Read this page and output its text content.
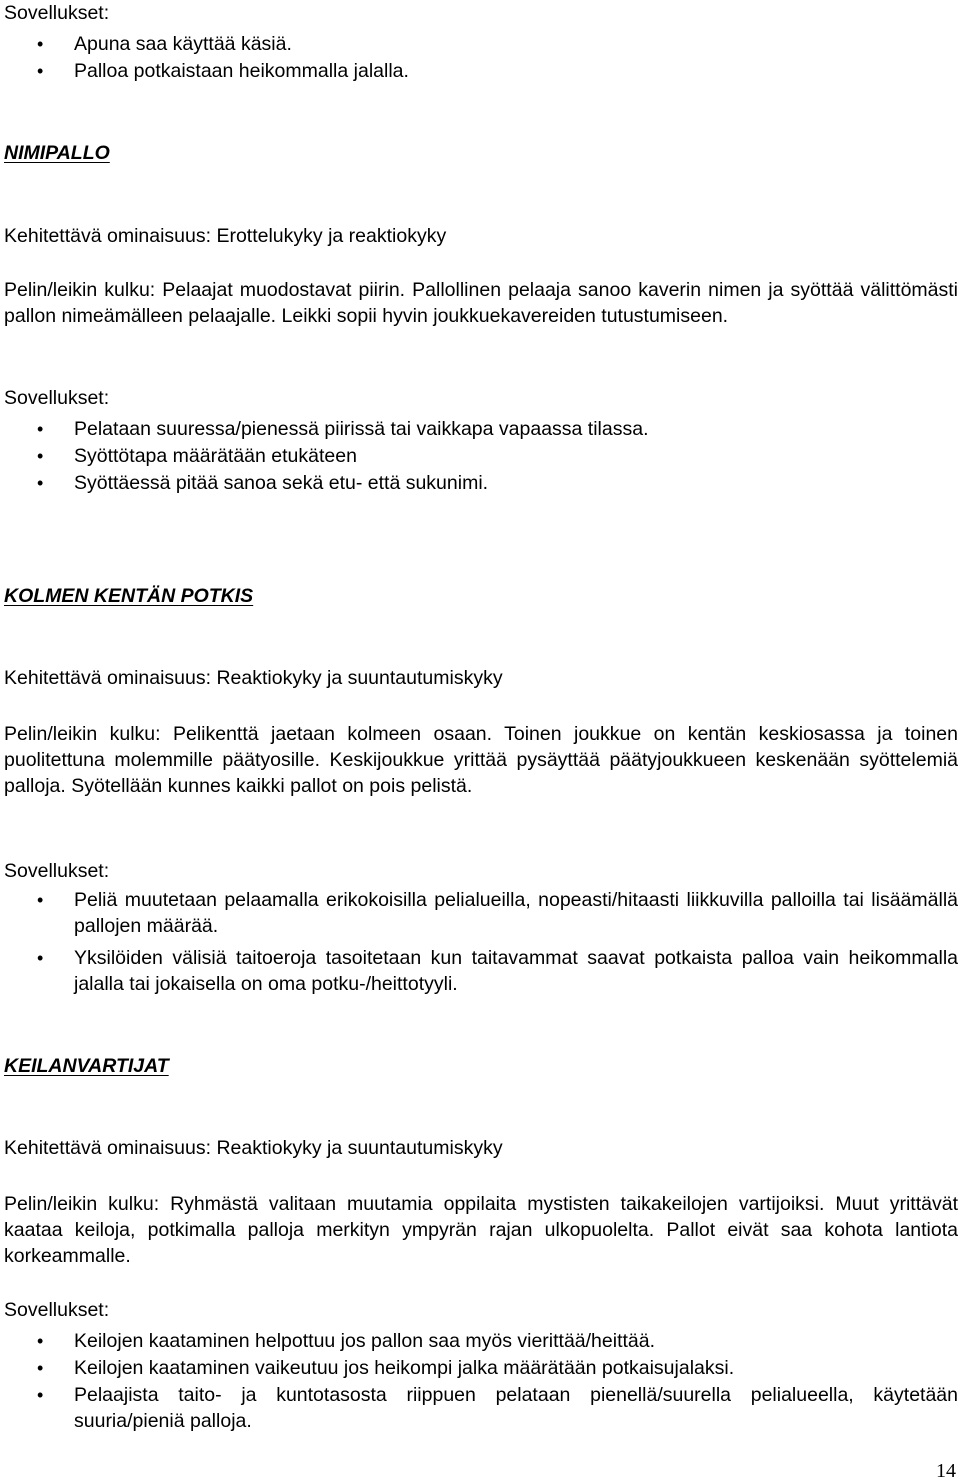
Sovellukset:

• Apuna saa käyttää käsiä.
• Palloa potkaistaan heikommalla jalalla.

NIMIPALLO

Kehitettävä ominaisuus: Erottelukyky ja reaktiokyky

Pelin/leikin kulku: Pelaajat muodostavat piirin. Pallollinen pelaaja sanoo kaverin nimen ja syöttää välittömästi pallon nimeämälleen pelaajalle. Leikki sopii hyvin joukkuekavereiden tutustumiseen.

Sovellukset:

• Pelataan suuressa/pienessä piirissä tai vaikkapa vapaassa tilassa.
• Syöttötapa määrätään etukäteen
• Syöttäessä pitää sanoa sekä etu- että sukunimi.

KOLMEN KENTÄN POTKIS

Kehitettävä ominaisuus: Reaktiokyky ja suuntautumiskyky

Pelin/leikin kulku: Pelikenttä jaetaan kolmeen osaan. Toinen joukkue on kentän keskiosassa ja toinen puolitettuna molemmille päätyosille. Keskijoukkue yrittää pysäyttää päätyjoukkueen keskenään syöttelemiä palloja. Syötellään kunnes kaikki pallot on pois pelistä.

Sovellukset:

• Peliä muutetaan pelaamalla erikokoisilla pelialueilla, nopeasti/hitaasti liikkuvilla palloilla tai lisäämällä pallojen määrää.
• Yksilöiden välisiä taitoeroja tasoitetaan kun taitavammat saavat potkaista palloa vain heikommalla jalalla tai jokaisella on oma potku-/heittotyyli.

KEILANVARTIJAT

Kehitettävä ominaisuus: Reaktiokyky ja suuntautumiskyky

Pelin/leikin kulku: Ryhmästä valitaan muutamia oppilaita mystisten taikakeilojen vartijoiksi. Muut yrittävät kaataa keiloja, potkimalla palloja merkityn ympyrän rajan ulkopuolelta. Pallot eivät saa kohota lantiota korkeammalle.

Sovellukset:

• Keilojen kaataminen helpottuu jos pallon saa myös vierittää/heittää.
• Keilojen kaataminen vaikeutuu jos heikompi jalka määrätään potkaisujalaksi.
• Pelaajista taito- ja kuntotasosta riippuen pelataan pienellä/suurella pelialueella, käytetään suuria/pieniä palloja.
14
